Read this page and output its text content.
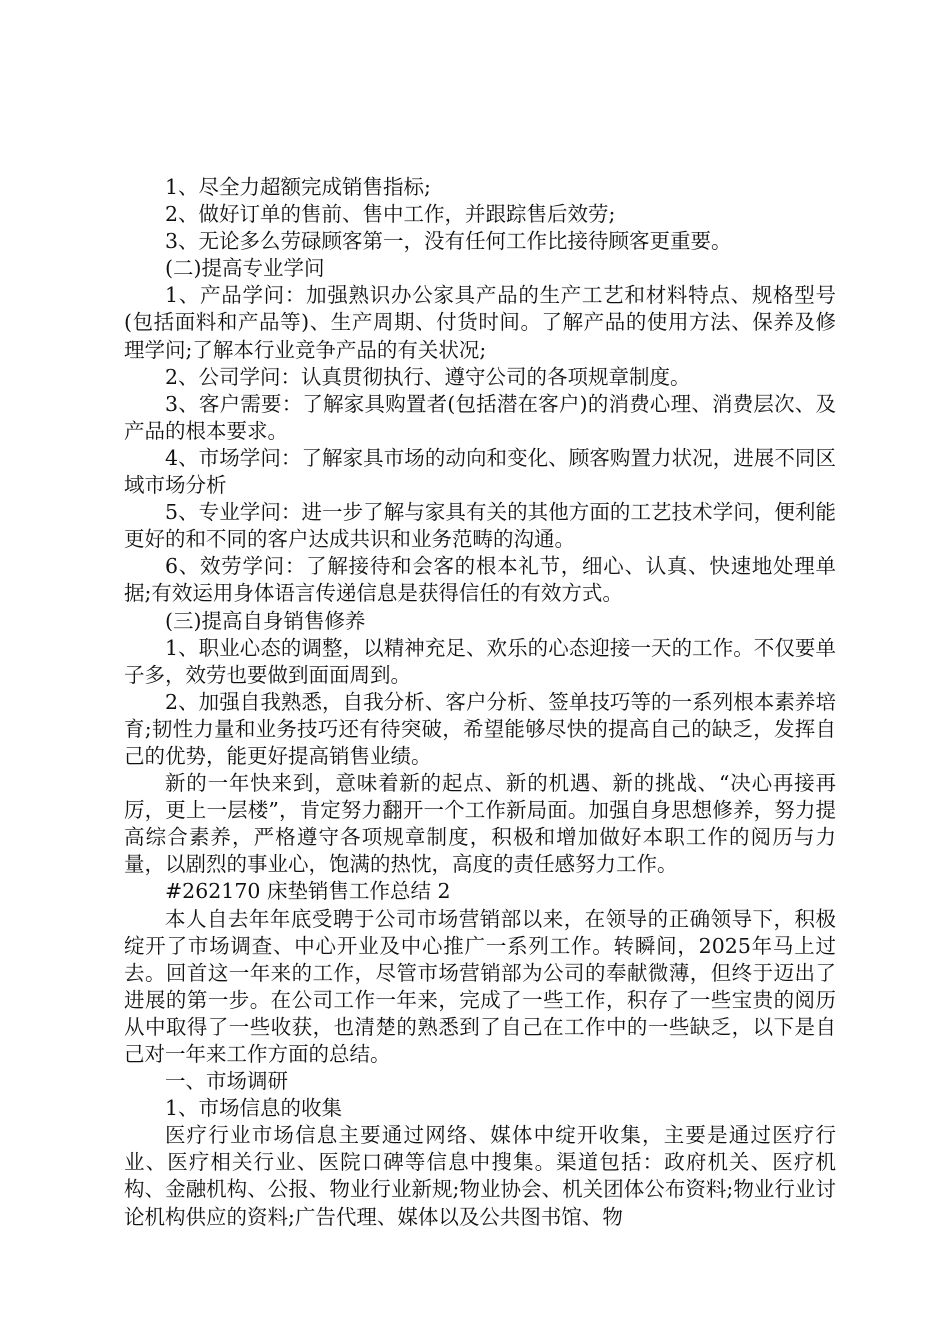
1、尽全力超额完成销售指标;

2、做好订单的售前、售中工作，并跟踪售后效劳;

3、无论多么劳碌顾客第一，没有任何工作比接待顾客更重要。

(二)提高专业学问

1、产品学问：加强熟识办公家具产品的生产工艺和材料特点、规格型号(包括面料和产品等)、生产周期、付货时间。了解产品的使用方法、保养及修理学问;了解本行业竞争产品的有关状况;

2、公司学问：认真贯彻执行、遵守公司的各项规章制度。

3、客户需要：了解家具购置者(包括潜在客户)的消费心理、消费层次、及产品的根本要求。

4、市场学问：了解家具市场的动向和变化、顾客购置力状况，进展不同区域市场分析

5、专业学问：进一步了解与家具有关的其他方面的工艺技术学问，便利能更好的和不同的客户达成共识和业务范畴的沟通。

6、效劳学问：了解接待和会客的根本礼节，细心、认真、快速地处理单据;有效运用身体语言传递信息是获得信任的有效方式。

(三)提高自身销售修养

1、职业心态的调整，以精神充足、欢乐的心态迎接一天的工作。不仅要单子多，效劳也要做到面面周到。

2、加强自我熟悉，自我分析、客户分析、签单技巧等的一系列根本素养培育;韧性力量和业务技巧还有待突破，希望能够尽快的提高自己的缺乏，发挥自己的优势，能更好提高销售业绩。

新的一年快来到，意味着新的起点、新的机遇、新的挑战、“决心再接再厉，更上一层楼”，肯定努力翻开一个工作新局面。加强自身思想修养，努力提高综合素养，严格遵守各项规章制度，积极和增加做好本职工作的阅历与力量，以剧烈的事业心，饱满的热忱，高度的责任感努力工作。

#262170 床垫销售工作总结 2

本人自去年年底受聘于公司市场营销部以来，在领导的正确领导下，积极绽开了市场调查、中心开业及中心推广一系列工作。转瞬间，2025年马上过去。回首这一年来的工作，尽管市场营销部为公司的奉献微薄，但终于迈出了进展的第一步。在公司工作一年来，完成了一些工作，积存了一些宝贵的阅历从中取得了一些收获，也清楚的熟悉到了自己在工作中的一些缺乏，以下是自己对一年来工作方面的总结。

一、市场调研

1、市场信息的收集

医疗行业市场信息主要通过网络、媒体中绽开收集，主要是通过医疗行业、医疗相关行业、医院口碑等信息中搜集。渠道包括：政府机关、医疗机构、金融机构、公报、物业行业新规;物业协会、机关团体公布资料;物业行业讨论机构供应的资料;广告代理、媒体以及公共图书馆、物
